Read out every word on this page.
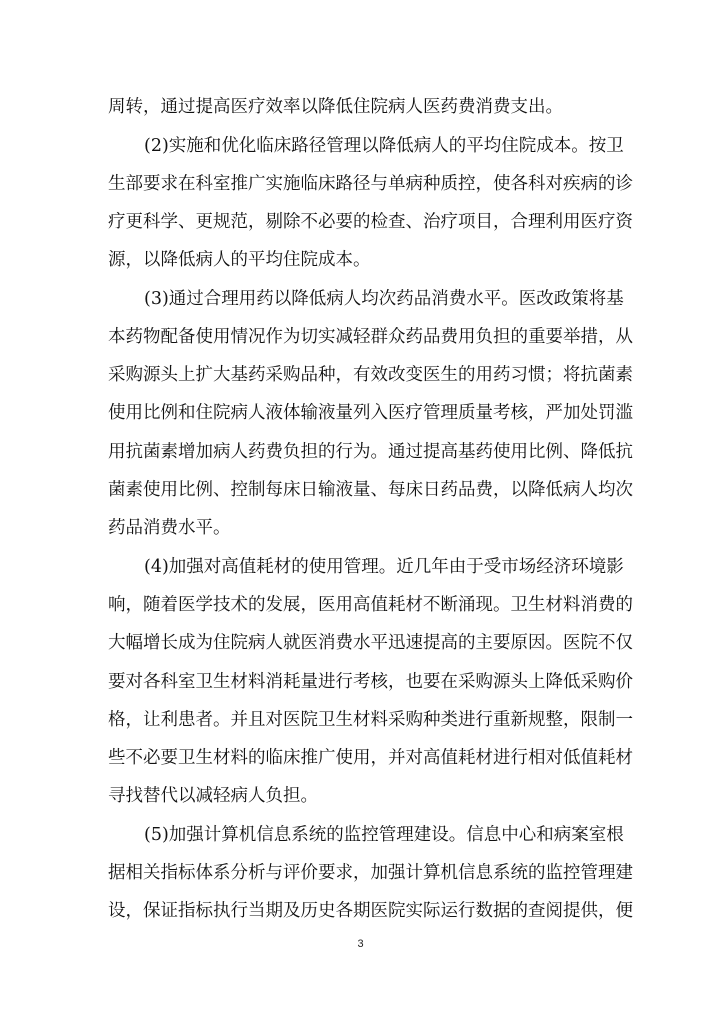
周转，通过提高医疗效率以降低住院病人医药费消费支出。
(2)实施和优化临床路径管理以降低病人的平均住院成本。按卫
生部要求在科室推广实施临床路径与单病种质控，使各科对疾病的诊
疗更科学、更规范，剔除不必要的检查、治疗项目，合理利用医疗资
源，以降低病人的平均住院成本。
(3)通过合理用药以降低病人均次药品消费水平。医改政策将基
本药物配备使用情况作为切实减轻群众药品费用负担的重要举措，从
采购源头上扩大基药采购品种，有效改变医生的用药习惯；将抗菌素
使用比例和住院病人液体输液量列入医疗管理质量考核，严加处罚滥
用抗菌素增加病人药费负担的行为。通过提高基药使用比例、降低抗
菌素使用比例、控制每床日输液量、每床日药品费，以降低病人均次
药品消费水平。
(4)加强对高值耗材的使用管理。近几年由于受市场经济环境影
响，随着医学技术的发展，医用高值耗材不断涌现。卫生材料消费的
大幅增长成为住院病人就医消费水平迅速提高的主要原因。医院不仅
要对各科室卫生材料消耗量进行考核，也要在采购源头上降低采购价
格，让利患者。并且对医院卫生材料采购种类进行重新规整，限制一
些不必要卫生材料的临床推广使用，并对高值耗材进行相对低值耗材
寻找替代以减轻病人负担。
(5)加强计算机信息系统的监控管理建设。信息中心和病案室根
据相关指标体系分析与评价要求，加强计算机信息系统的监控管理建
设，保证指标执行当期及历史各期医院实际运行数据的查阅提供，便
3
